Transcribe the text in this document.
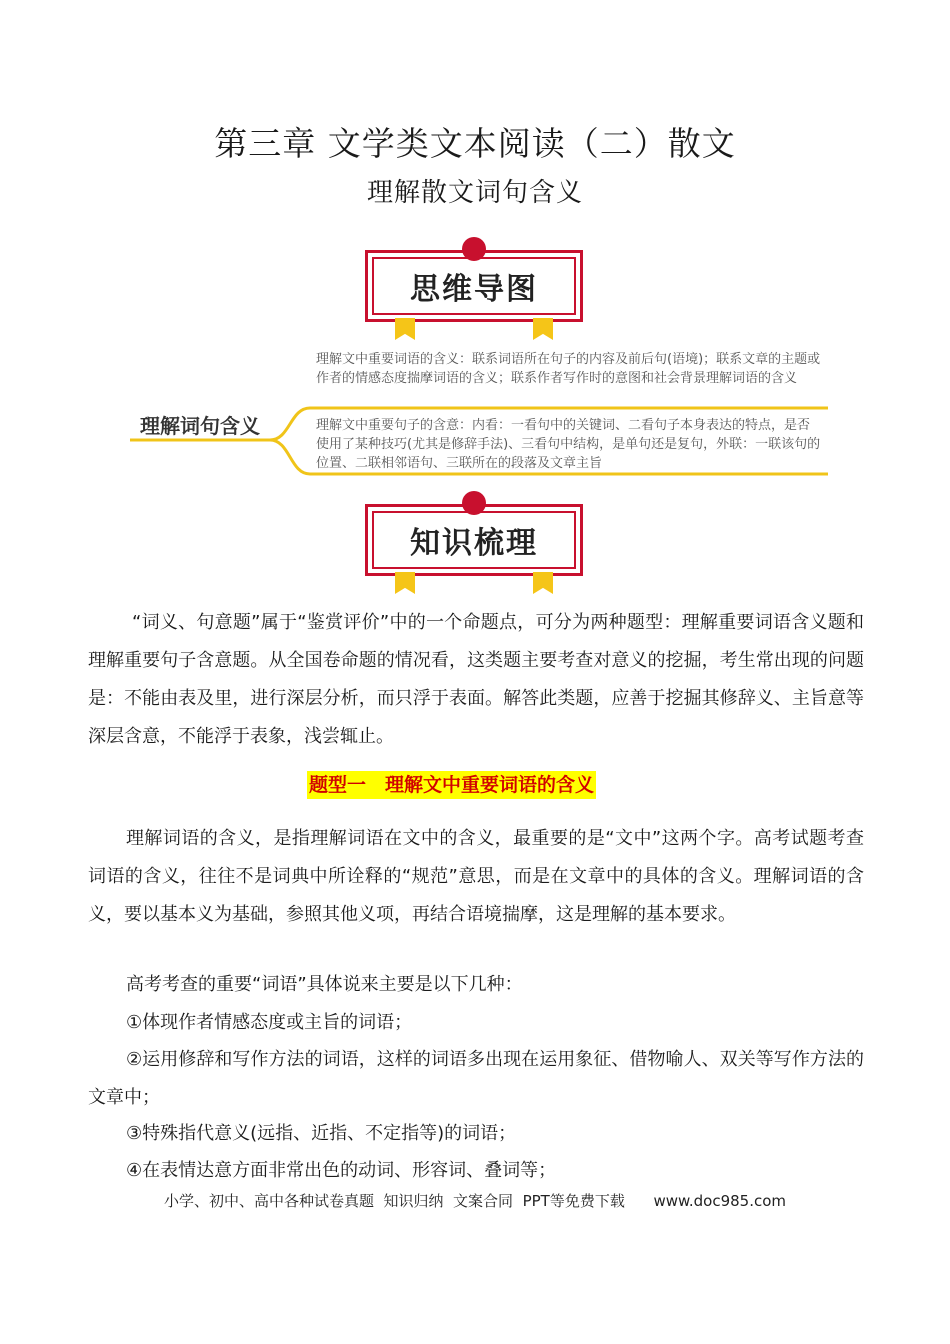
第三章 文学类文本阅读（二）散文
理解散文词句含义
思维导图
理解词句含义
理解文中重要词语的含义：联系词语所在句子的内容及前后句(语境)；联系文章的主题或作者的情感态度揣摩词语的含义；联系作者写作时的意图和社会背景理解词语的含义
理解文中重要句子的含意：内看：一看句中的关键词、二看句子本身表达的特点，是否使用了某种技巧(尤其是修辞手法)、三看句中结构，是单句还是复句，外联：一联该句的位置、二联相邻语句、三联所在的段落及文章主旨
知识梳理
“词义、句意题”属于“鉴赏评价”中的一个命题点，可分为两种题型：理解重要词语含义题和理解重要句子含意题。从全国卷命题的情况看，这类题主要考查对意义的挖掘，考生常出现的问题是：不能由表及里，进行深层分析，而只浮于表面。解答此类题，应善于挖掘其修辞义、主旨意等深层含意，不能浮于表象，浅尝辄止。
题型一　理解文中重要词语的含义
理解词语的含义，是指理解词语在文中的含义，最重要的是“文中”这两个字。高考试题考查词语的含义，往往不是词典中所诠释的“规范”意思，而是在文章中的具体的含义。理解词语的含义，要以基本义为基础，参照其他义项，再结合语境揣摩，这是理解的基本要求。
高考考查的重要“词语”具体说来主要是以下几种：
①体现作者情感态度或主旨的词语；
②运用修辞和写作方法的词语，这样的词语多出现在运用象征、借物喻人、双关等写作方法的文章中；
③特殊指代意义(远指、近指、不定指等)的词语；
④在表情达意方面非常出色的动词、形容词、叠词等；
小学、初中、高中各种试卷真题  知识归纳  文案合同  PPT等免费下载      www.doc985.com
